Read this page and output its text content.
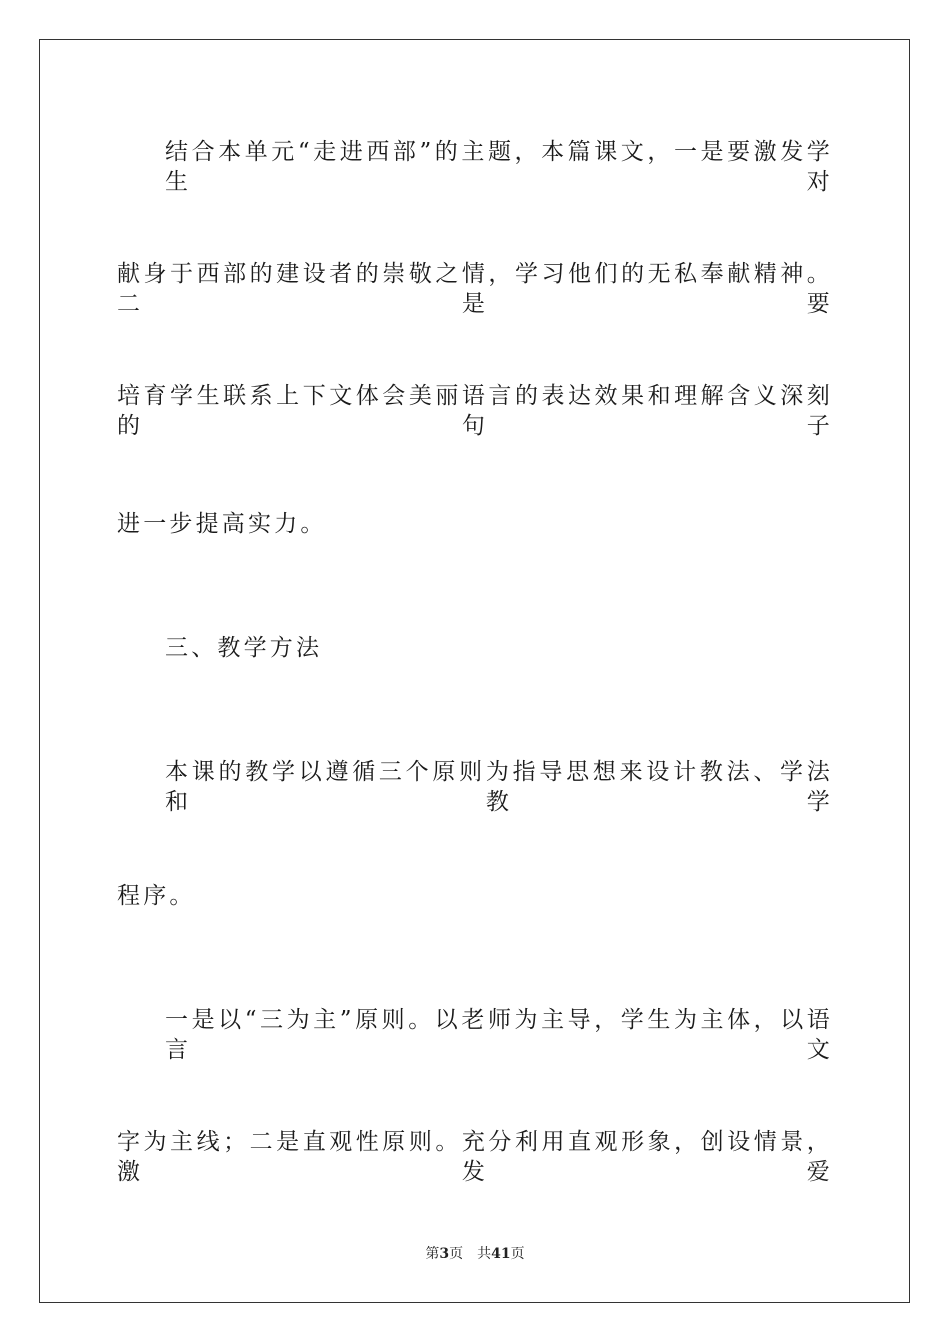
结合本单元“走进西部”的主题，本篇课文，一是要激发学生对
献身于西部的建设者的崇敬之情，学习他们的无私奉献精神。二是要
培育学生联系上下文体会美丽语言的表达效果和理解含义深刻的句子
进一步提高实力。
三、教学方法
本课的教学以遵循三个原则为指导思想来设计教法、学法和教学
程序。
一是以“三为主”原则。以老师为主导，学生为主体，以语言文
字为主线；二是直观性原则。充分利用直观形象，创设情景，激发爱
第3页 共41页
